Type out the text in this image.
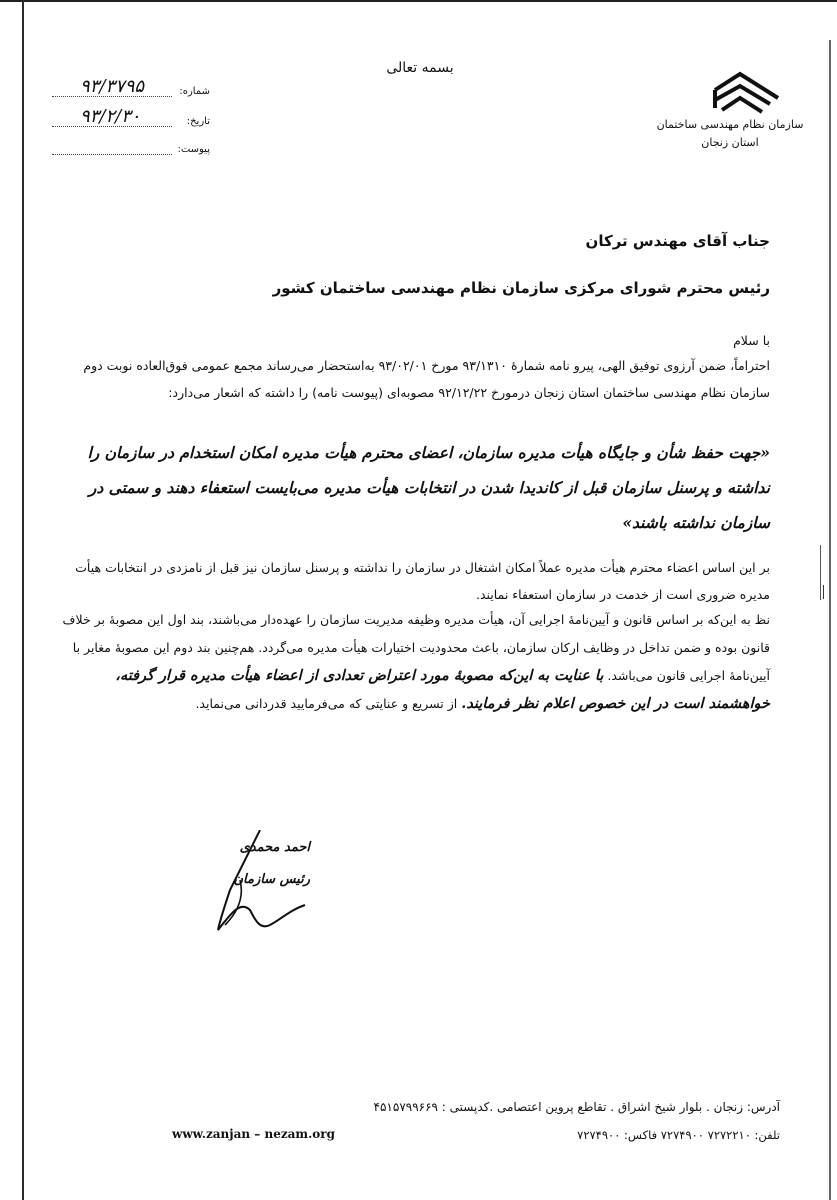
بسمه تعالی
سازمان نظام مهندسی ساختمان
استان زنجان
شماره:
۹۳/۳۷۹۵
تاریخ:
۹۳/۲/۳۰
پیوست:
جناب آقای مهندس ترکان
رئیس محترم شورای مرکزی سازمان نظام مهندسی ساختمان کشور
با سلام
احتراماً، ضمن آرزوی توفیق الهی، پیرو نامه شمارهٔ ۹۳/۱۳۱۰ مورخ ۹۳/۰۲/۰۱ به‌استحضار می‌رساند مجمع عمومی فوق‌العاده نوبت دوم سازمان نظام مهندسی ساختمان استان زنجان درمورخ ۹۲/۱۲/۲۲ مصوبه‌ای (پیوست نامه) را داشته که اشعار می‌دارد:
«جهت حفظ شأن و جایگاه هیأت مدیره سازمان، اعضای محترم هیأت مدیره امکان استخدام در سازمان را نداشته و پرسنل سازمان قبل از کاندیدا شدن در انتخابات هیأت مدیره می‌بایست استعفاء دهند و سمتی در سازمان نداشته باشند»
بر این اساس اعضاء محترم هیأت مدیره عملاً امکان اشتغال در سازمان را نداشته و پرسنل سازمان نیز قبل از نامزدی در انتخابات هیأت مدیره ضروری است از خدمت در سازمان استعفاء نمایند.
نظ به این‌که بر اساس قانون و آیین‌نامهٔ اجرایی آن، هیأت مدیره وظیفه مدیریت سازمان را عهده‌دار می‌باشند، بند اول این مصوبهٔ بر خلاف قانون بوده و ضمن تداخل در وظایف ارکان سازمان، باعث محدودیت اختیارات هیأت مدیره می‌گردد. هم‌چنین بند دوم این مصوبهٔ مغایر با آیین‌نامهٔ اجرایی قانون می‌باشد. با عنایت به این‌که مصوبهٔ مورد اعتراض تعدادی از اعضاء هیأت مدیره قرار گرفته، خواهشمند است در این خصوص اعلام نظر فرمایند. از تسریع و عنایتی که می‌فرمایید قدردانی می‌نماید.
احمد محمدی
رئیس سازمان
آدرس: زنجان . بلوار شیخ اشراق . تقاطع پروین اعتصامی .کدپستی : ۴۵۱۵۷۹۹۶۶۹
تلفن: ۷۲۷۲۲۱۰ ۷۲۷۴۹۰۰ فاکس: ۷۲۷۴۹۰۰
www.zanjan – nezam.org
